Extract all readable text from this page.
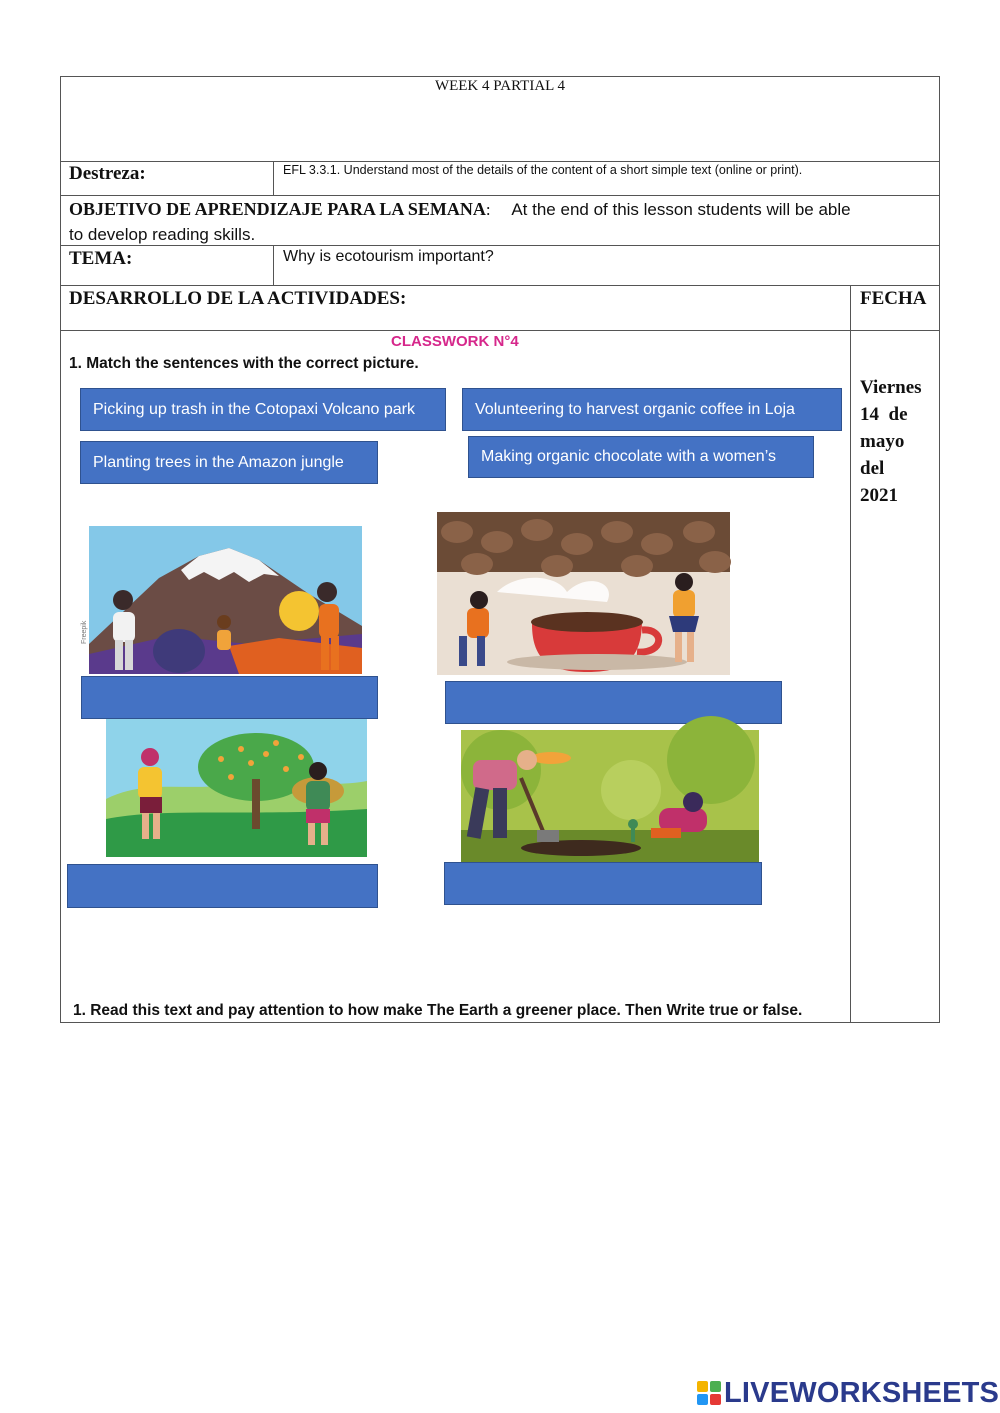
WEEK 4 PARTIAL 4
Destreza:	EFL 3.3.1. Understand most of the details of the content of a short simple text (online or print).
OBJETIVO DE APRENDIZAJE PARA LA SEMANA: At the end of this lesson students will be able
to develop reading skills.
TEMA:	Why is ecotourism important?
DESARROLLO DE LA ACTIVIDADES:	FECHA
Viernes
14  de
mayo
del
2021
CLASSWORK N°4
1. Match the sentences with the correct picture.
Picking up trash in the Cotopaxi Volcano park	Volunteering to harvest organic coffee in Loja
Planting trees in the Amazon jungle	Making organic chocolate with a women’s
Freepik
1. Read this text and pay attention to how make The Earth a greener place. Then Write true or false.
LIVEWORKSHEETS
